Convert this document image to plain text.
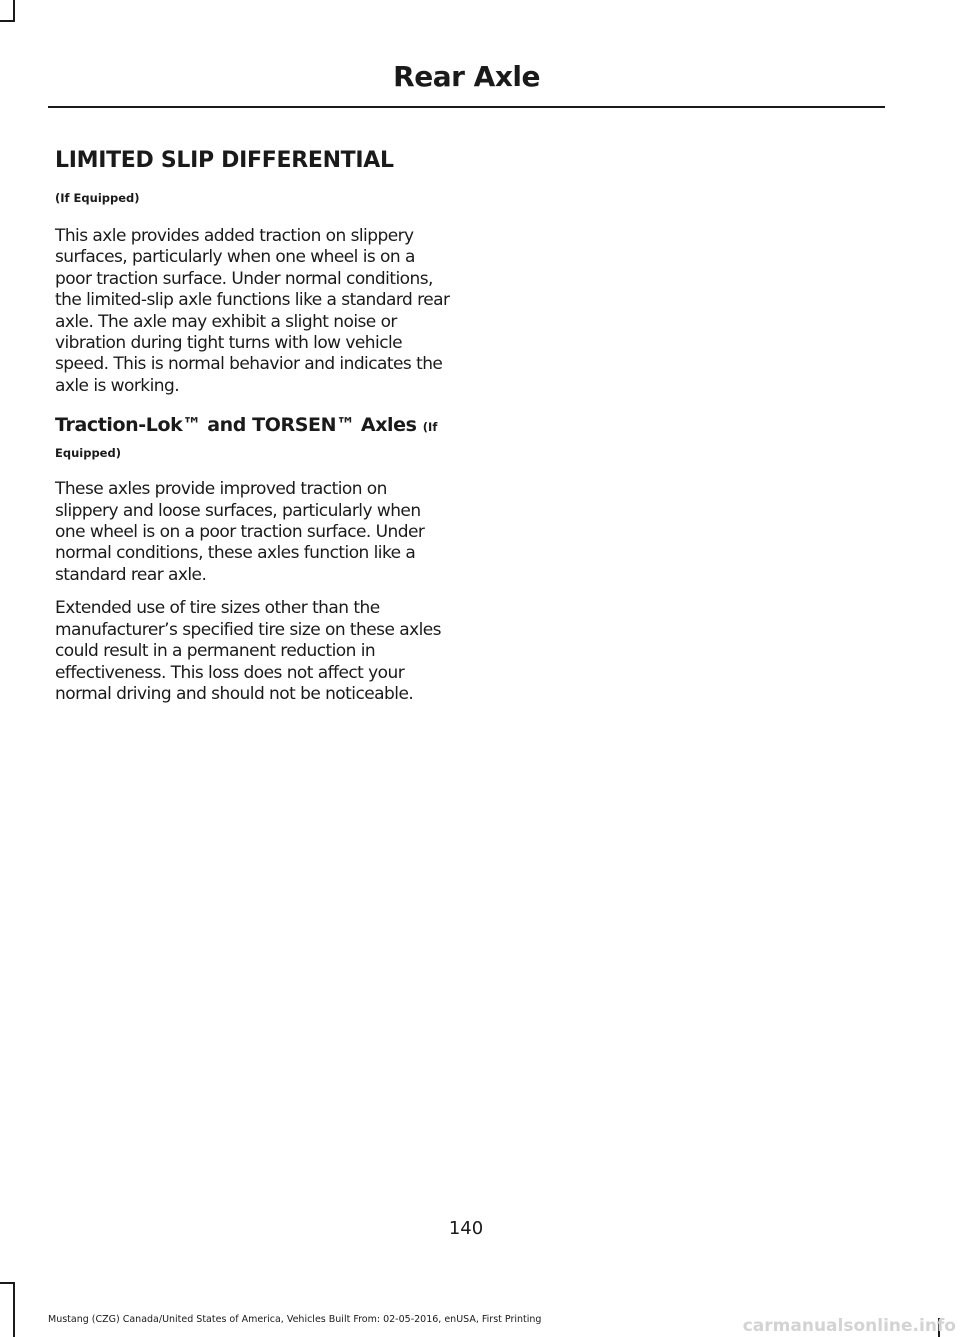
Rear Axle
LIMITED SLIP DIFFERENTIAL

(If Equipped)

This axle provides added traction on slippery surfaces, particularly when one wheel is on a poor traction surface. Under normal conditions, the limited-slip axle functions like a standard rear axle. The axle may exhibit a slight noise or vibration during tight turns with low vehicle speed. This is normal behavior and indicates the axle is working.

Traction-Lok™ and TORSEN™ Axles (If Equipped)

These axles provide improved traction on slippery and loose surfaces, particularly when one wheel is on a poor traction surface. Under normal conditions, these axles function like a standard rear axle.

Extended use of tire sizes other than the manufacturer’s specified tire size on these axles could result in a permanent reduction in effectiveness. This loss does not affect your normal driving and should not be noticeable.

140

Mustang (CZG) Canada/United States of America, Vehicles Built From: 02-05-2016, enUSA, First Printing	carmanualsonline.info
